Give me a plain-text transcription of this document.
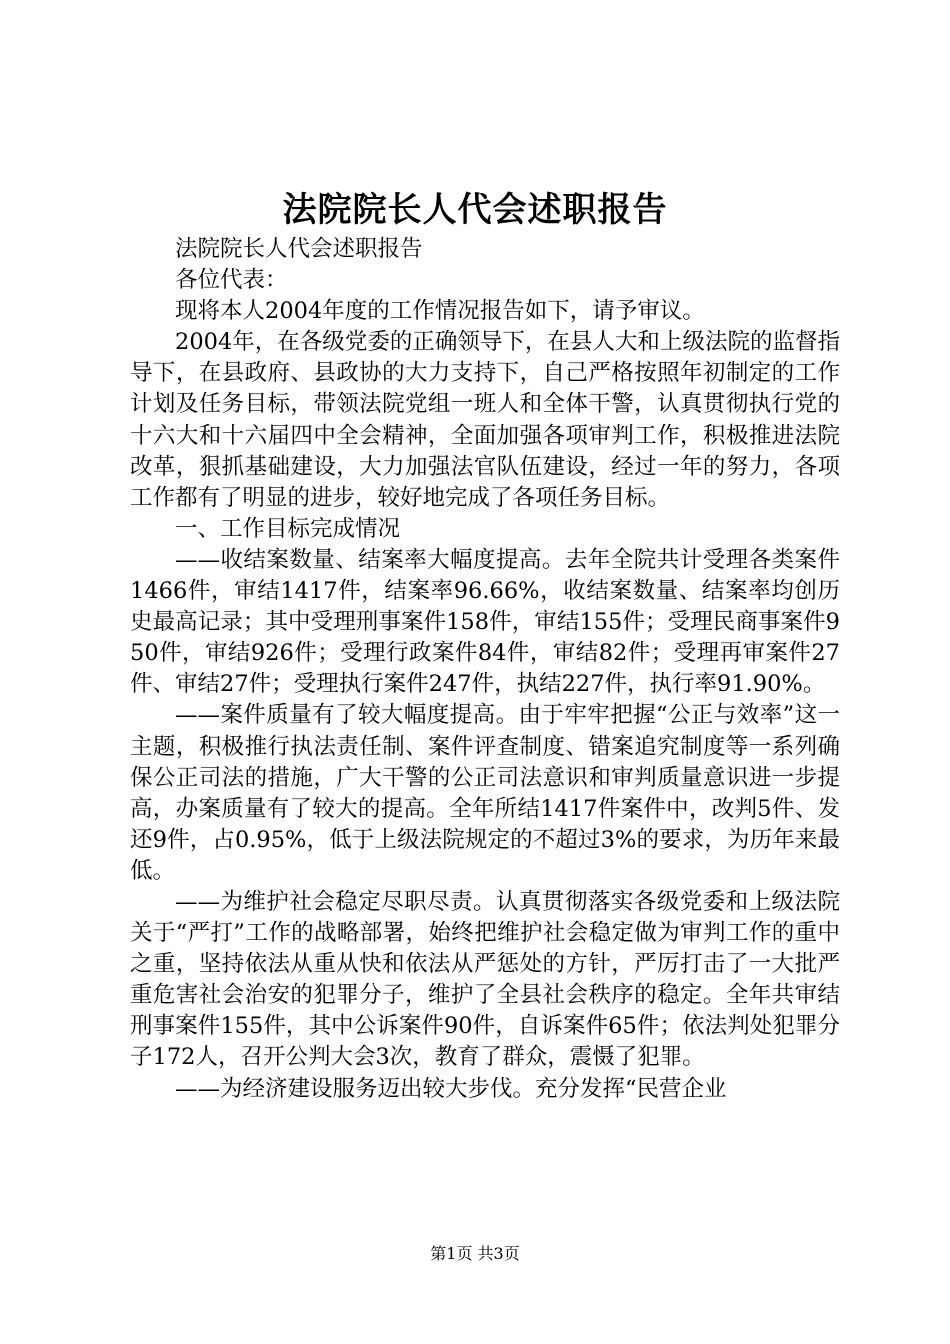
法院院长人代会述职报告

法院院长人代会述职报告

各位代表：

现将本人2004年度的工作情况报告如下，请予审议。

2004年，在各级党委的正确领导下，在县人大和上级法院的监督指导下，在县政府、县政协的大力支持下，自己严格按照年初制定的工作计划及任务目标，带领法院党组一班人和全体干警，认真贯彻执行党的十六大和十六届四中全会精神，全面加强各项审判工作，积极推进法院改革，狠抓基础建设，大力加强法官队伍建设，经过一年的努力，各项工作都有了明显的进步，较好地完成了各项任务目标。

一、工作目标完成情况

——收结案数量、结案率大幅度提高。去年全院共计受理各类案件1466件，审结1417件，结案率96.66%，收结案数量、结案率均创历史最高记录；其中受理刑事案件158件，审结155件；受理民商事案件950件，审结926件；受理行政案件84件，审结82件；受理再审案件27件、审结27件；受理执行案件247件，执结227件，执行率91.90%。

——案件质量有了较大幅度提高。由于牢牢把握“公正与效率”这一主题，积极推行执法责任制、案件评查制度、错案追究制度等一系列确保公正司法的措施，广大干警的公正司法意识和审判质量意识进一步提高，办案质量有了较大的提高。全年所结1417件案件中，改判5件、发还9件，占0.95%，低于上级法院规定的不超过3%的要求，为历年来最低。

——为维护社会稳定尽职尽责。认真贯彻落实各级党委和上级法院关于“严打”工作的战略部署，始终把维护社会稳定做为审判工作的重中之重，坚持依法从重从快和依法从严惩处的方针，严厉打击了一大批严重危害社会治安的犯罪分子，维护了全县社会秩序的稳定。全年共审结刑事案件155件，其中公诉案件90件，自诉案件65件；依法判处犯罪分子172人，召开公判大会3次，教育了群众，震慑了犯罪。

——为经济建设服务迈出较大步伐。充分发挥“民营企业

第1页 共3页
